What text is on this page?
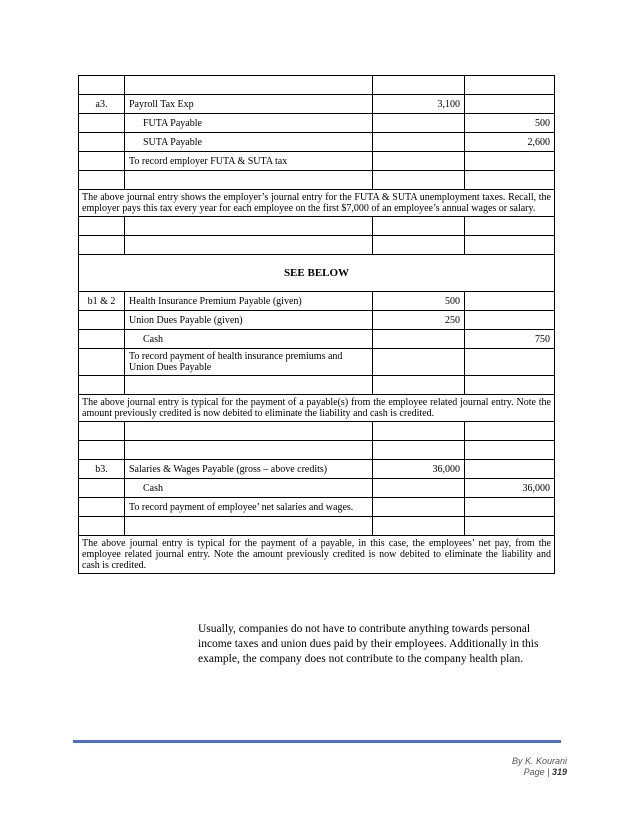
a3.	Payroll Tax Exp	3,100	
	FUTA Payable		500
	SUTA Payable		2,600
	To record employer FUTA & SUTA tax		

The above journal entry shows the employer’s journal entry for the FUTA & SUTA unemployment taxes. Recall, the employer pays this tax every year for each employee on the first $7,000 of an employee’s annual wages or salary.			

SEE BELOW			
b1 & 2	Health Insurance Premium Payable (given)	500	
	Union Dues Payable (given)	250	
	Cash		750
	To record payment of health insurance premiums and Union Dues Payable		

The above journal entry is typical for the payment of a payable(s) from the employee related journal entry. Note the amount previously credited is now debited to eliminate the liability and cash is credited.			

b3.	Salaries & Wages Payable (gross – above credits)	36,000	
	Cash		36,000
	To record payment of employee’ net salaries and wages.		

The above journal entry is typical for the payment of a payable, in this case, the employees’ net pay, from the employee related journal entry. Note the amount previously credited is now debited to eliminate the liability and cash is credited.			
Usually, companies do not have to contribute anything towards personal income taxes and union dues paid by their employees. Additionally in this example, the company does not contribute to the company health plan.
By K. Kourani
Page | 319
